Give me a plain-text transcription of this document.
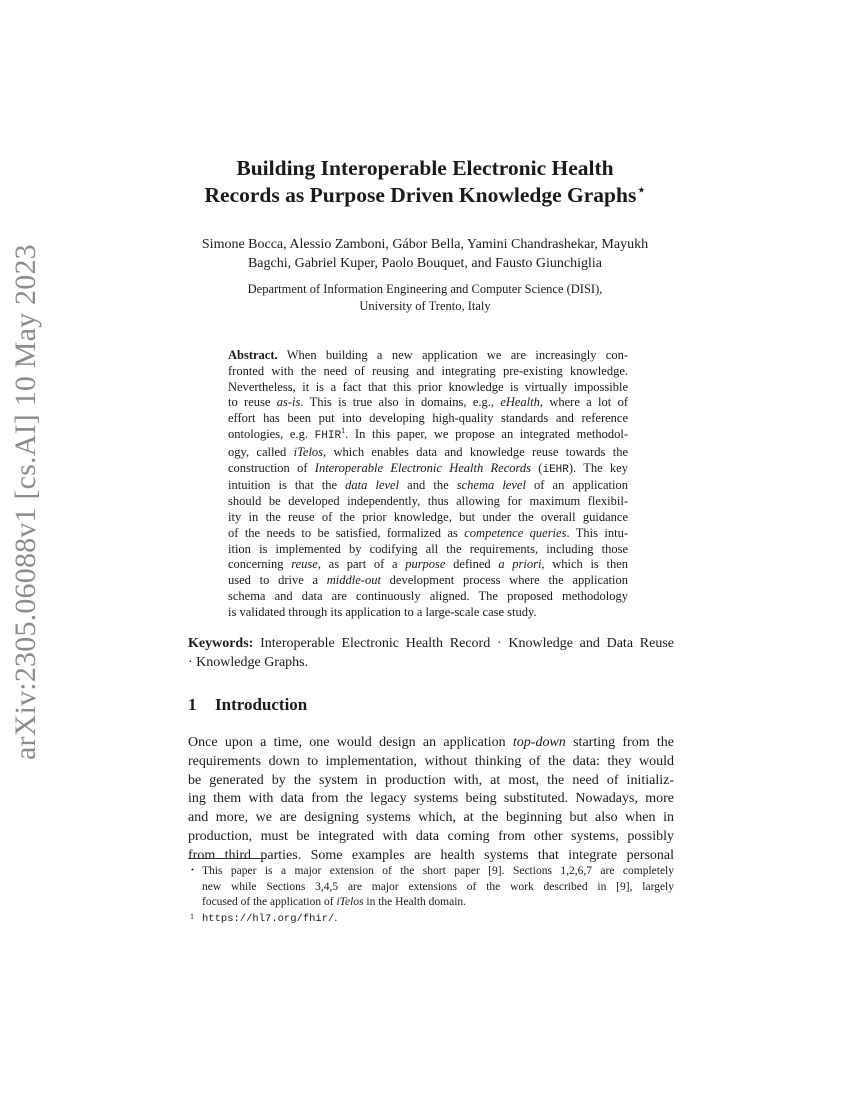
arXiv:2305.06088v1 [cs.AI] 10 May 2023
Building Interoperable Electronic Health
Records as Purpose Driven Knowledge Graphs⋆
Simone Bocca, Alessio Zamboni, Gábor Bella, Yamini Chandrashekar, Mayukh
Bagchi, Gabriel Kuper, Paolo Bouquet, and Fausto Giunchiglia
Department of Information Engineering and Computer Science (DISI),
University of Trento, Italy
Abstract. When building a new application we are increasingly con-
fronted with the need of reusing and integrating pre-existing knowledge.
Nevertheless, it is a fact that this prior knowledge is virtually impossible
to reuse as-is. This is true also in domains, e.g., eHealth, where a lot of
effort has been put into developing high-quality standards and reference
ontologies, e.g. FHIR$^1$. In this paper, we propose an integrated methodol-
ogy, called iTelos, which enables data and knowledge reuse towards the
construction of Interoperable Electronic Health Records (iEHR). The key
intuition is that the data level and the schema level of an application
should be developed independently, thus allowing for maximum flexibil-
ity in the reuse of the prior knowledge, but under the overall guidance
of the needs to be satisfied, formalized as competence queries. This intu-
ition is implemented by codifying all the requirements, including those
concerning reuse, as part of a purpose defined a priori, which is then
used to drive a middle-out development process where the application
schema and data are continuously aligned. The proposed methodology
is validated through its application to a large-scale case study.
Keywords: Interoperable Electronic Health Record · Knowledge and Data Reuse
· Knowledge Graphs.
1 Introduction
Once upon a time, one would design an application top-down starting from the
requirements down to implementation, without thinking of the data: they would
be generated by the system in production with, at most, the need of initializ-
ing them with data from the legacy systems being substituted. Nowadays, more
and more, we are designing systems which, at the beginning but also when in
production, must be integrated with data coming from other systems, possibly
from third parties. Some examples are health systems that integrate personal
⋆ This paper is a major extension of the short paper [9]. Sections 1,2,6,7 are completely
new while Sections 3,4,5 are major extensions of the work described in [9], largely
focused of the application of iTelos in the Health domain.
1 https://hl7.org/fhir/.
